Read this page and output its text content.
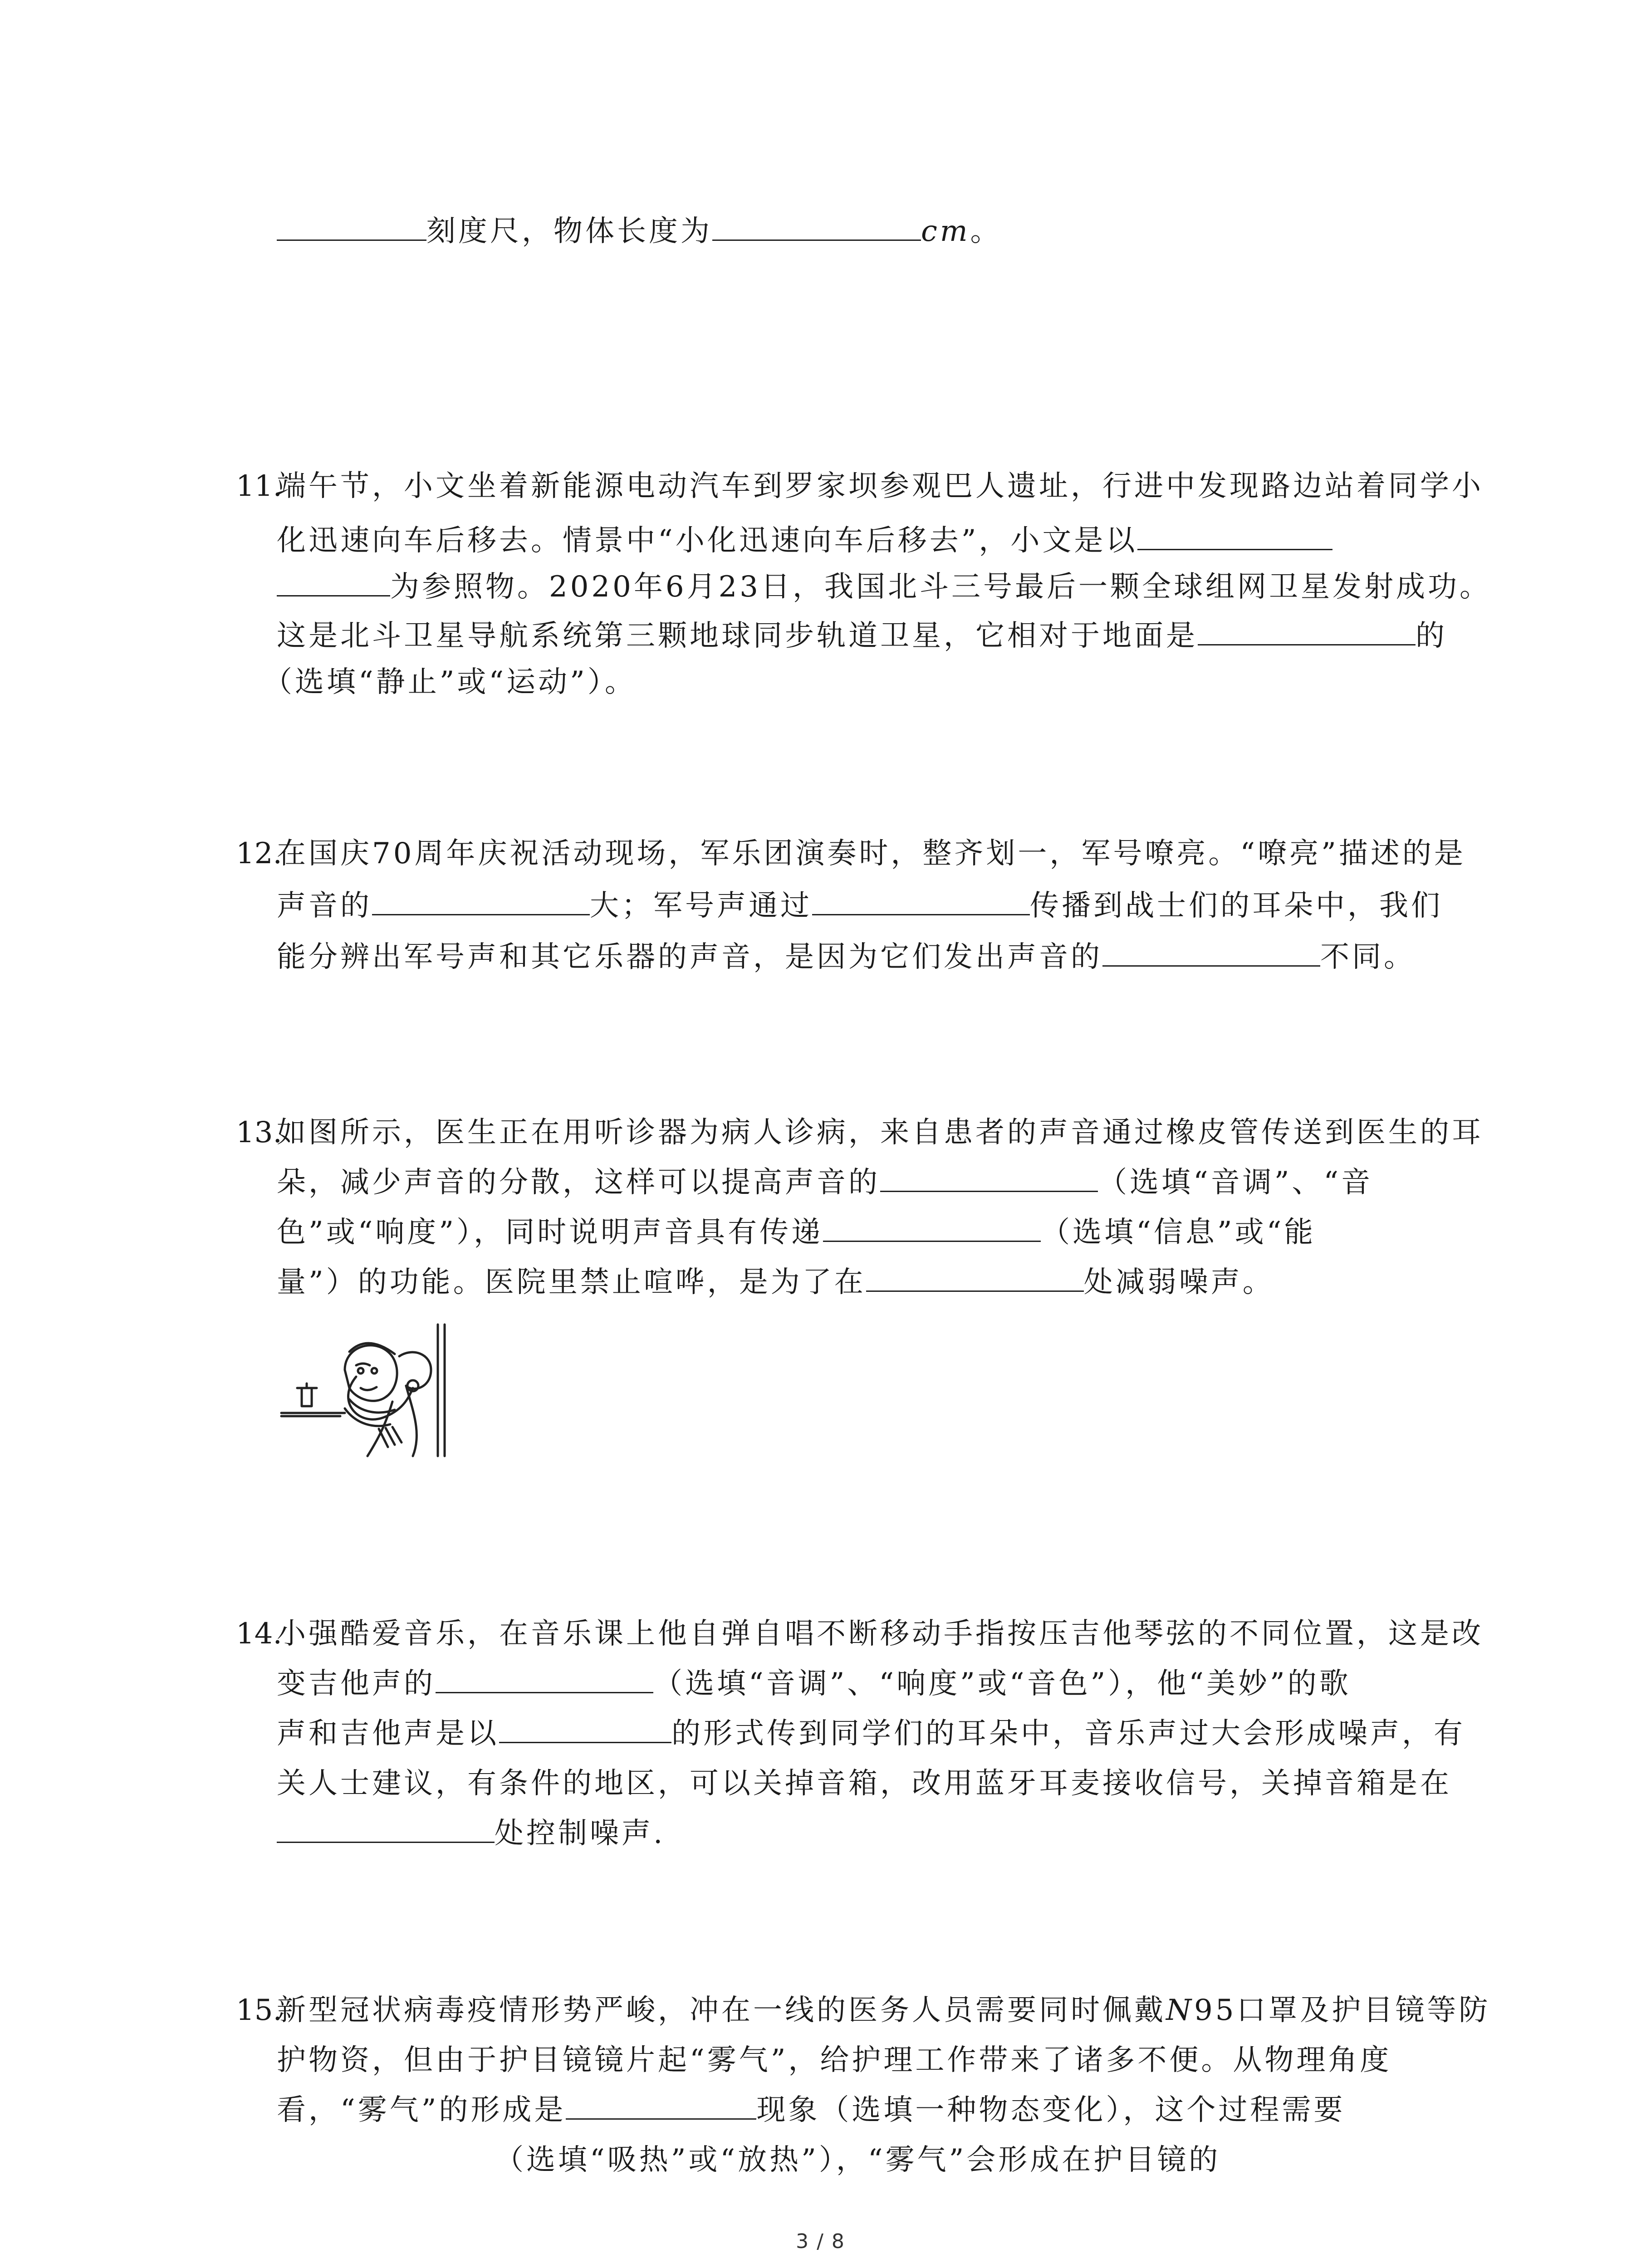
刻度尺，物体长度为	cm。
11.
端午节，小文坐着新能源电动汽车到罗家坝参观巴人遗址，行进中发现路边站着同学小
化迅速向车后移去。情景中“小化迅速向车后移去”，小文是以
为参照物。2020年6月23日，我国北斗三号最后一颗全球组网卫星发射成功。
这是北斗卫星导航系统第三颗地球同步轨道卫星，它相对于地面是	的
（选填“静止”或“运动”）。
12.
在国庆70周年庆祝活动现场，军乐团演奏时，整齐划一，军号嘹亮。“嘹亮”描述的是
声音的	大；军号声通过	传播到战士们的耳朵中，我们
能分辨出军号声和其它乐器的声音，是因为它们发出声音的	不同。
13.
如图所示，医生正在用听诊器为病人诊病，来自患者的声音通过橡皮管传送到医生的耳
朵，减少声音的分散，这样可以提高声音的	（选填“音调”、“音
色”或“响度”），同时说明声音具有传递	（选填“信息”或“能
量”）的功能。医院里禁止喧哗，是为了在	处减弱噪声。
14.
小强酷爱音乐，在音乐课上他自弹自唱不断移动手指按压吉他琴弦的不同位置，这是改
变吉他声的	（选填“音调”、“响度”或“音色”），他“美妙”的歌
声和吉他声是以	的形式传到同学们的耳朵中，音乐声过大会形成噪声，有
关人士建议，有条件的地区，可以关掉音箱，改用蓝牙耳麦接收信号，关掉音箱是在
处控制噪声.
15.
新型冠状病毒疫情形势严峻，冲在一线的医务人员需要同时佩戴N95口罩及护目镜等防
护物资，但由于护目镜镜片起“雾气”，给护理工作带来了诸多不便。从物理角度
看，“雾气”的形成是	现象（选填一种物态变化），这个过程需要
（选填“吸热”或“放热”），“雾气”会形成在护目镜的
3 / 8
